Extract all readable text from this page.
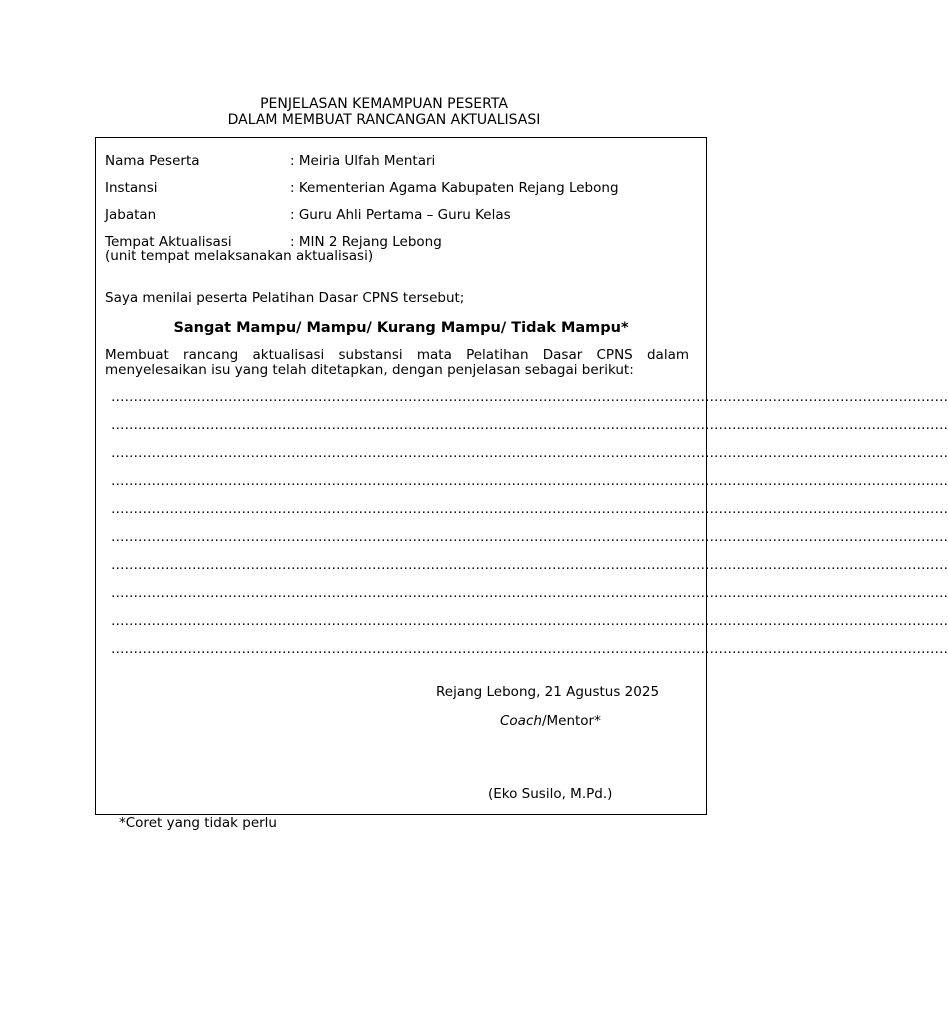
PENJELASAN KEMAMPUAN PESERTA
DALAM MEMBUAT RANCANGAN AKTUALISASI
Nama Peserta	: Meiria Ulfah Mentari
Instansi	: Kementerian Agama Kabupaten Rejang Lebong
Jabatan	: Guru Ahli Pertama – Guru Kelas
Tempat Aktualisasi	: MIN 2 Rejang Lebong
(unit tempat melaksanakan aktualisasi)
Saya menilai peserta Pelatihan Dasar CPNS tersebut;
Sangat Mampu/ Mampu/ Kurang Mampu/ Tidak Mampu*
Membuat rancang aktualisasi substansi mata Pelatihan Dasar CPNS dalam menyelesaikan isu yang telah ditetapkan, dengan penjelasan sebagai berikut:
……………………………………………………………………………………………………………………………………………………………………
……………………………………………………………………………………………………………………………………………………………………
……………………………………………………………………………………………………………………………………………………………………
……………………………………………………………………………………………………………………………………………………………………
……………………………………………………………………………………………………………………………………………………………………
……………………………………………………………………………………………………………………………………………………………………
……………………………………………………………………………………………………………………………………………………………………
……………………………………………………………………………………………………………………………………………………………………
……………………………………………………………………………………………………………………………………………………………………
……………………………………………………………………………………………………………………………………………………………………
Rejang Lebong, 21 Agustus 2025
Coach/Mentor*
(Eko Susilo, M.Pd.)
*Coret yang tidak perlu
